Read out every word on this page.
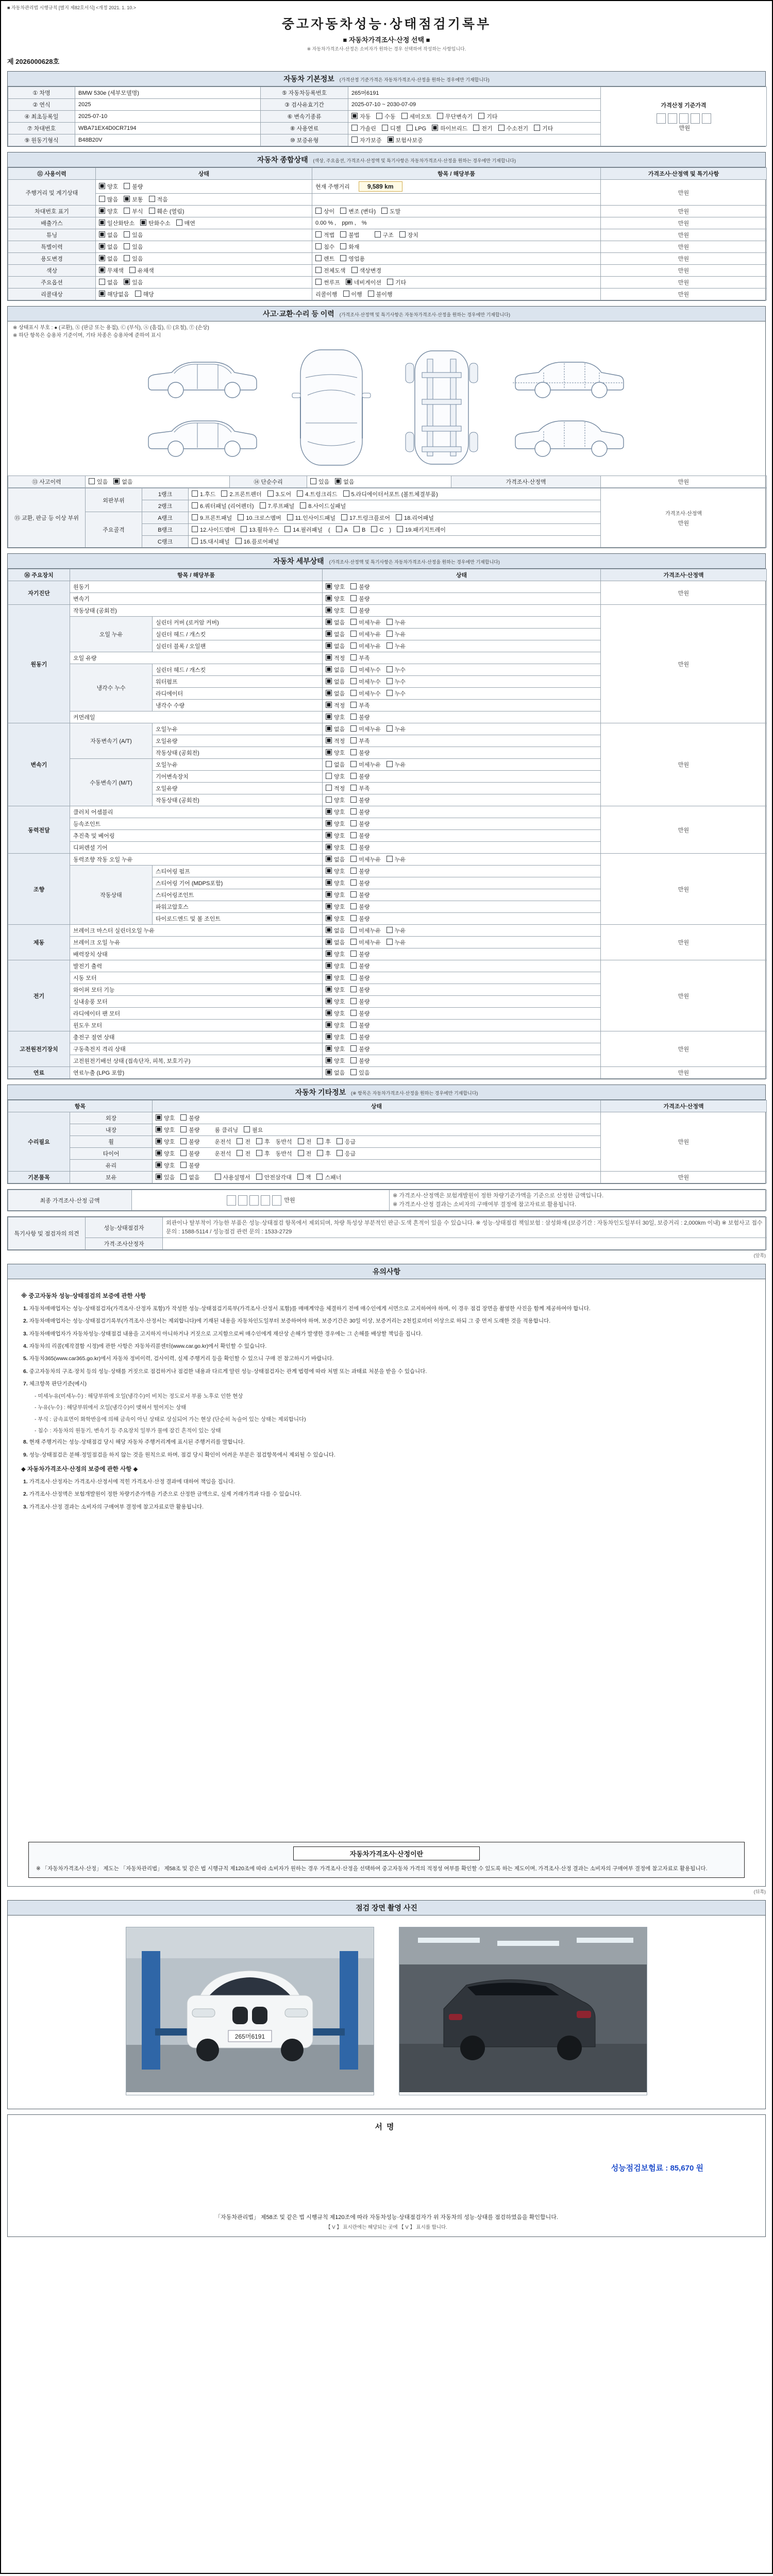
■ 자동차관리법 시행규칙 [별지 제82호서식] <개정 2021. 1. 10.>
중고자동차성능·상태점검기록부
■ 자동차가격조사·산정 선택 ■
※ 자동차가격조사·산정은 소비자가 원하는 경우 선택하여 작성하는 사항입니다.
제 2026000628호
자동차 기본정보 (가격산정 기준가격은 자동차가격조사·산정을 원하는 경우에만 기재합니다)
① 차명	BMW 530e (세부모델명)	⑤ 자동차등록번호	265머6191	가격산정 기준가격
만원

② 연식	2025	③ 검사유효기간	2025-07-10 ~ 2030-07-09	
④ 최초등록일	2025-07-10	⑥ 변속기종류	자동 수동 세미오토 무단변속기 기타	
⑦ 차대번호	WBA71EX4D0CR7194	⑧ 사용연료	가솔린 디젤 LPG 하이브리드 전기 수소전기 기타	
⑨ 원동기형식	B48B20V	⑩ 보증유형	자가보증 보험사보증	
자동차 종합상태 (색상, 주요옵션, 가격조사·산정액 및 특기사항은 자동차가격조사·산정을 원하는 경우에만 기재합니다)
⑪ 사용이력	상태	항목 / 해당부품	가격조사·산정액 및 특기사항
주행거리 및 계기상태	양호 불량	현재 주행거리 9,589 km	만원
	많음 보통 적음		
차대번호 표기	양호 부식 훼손 (열림)	상이 변조 (변타) 도말	만원
배출가스	일산화탄소 탄화수소 매연	0.00 % , ppm , %	만원
튜닝	없음 있음	적법 불법 구조 장치	만원
특별이력	없음 있음	침수 화재	만원
용도변경	없음 있음	렌트 영업용	만원
색상	무채색 유채색	전체도색 색상변경	만원
주요옵션	없음 있음	썬루프 네비게이션 기타	만원
리콜대상	해당없음 해당	리콜이행 이행 불이행	만원
사고·교환·수리 등 이력 (가격조사·산정액 및 특기사항은 자동차가격조사·산정을 원하는 경우에만 기재합니다)
※ 상태표시 부호 : ● (교환), Ⓧ (판금 또는 용접), Ⓒ (부식), Ⓐ (흠집), Ⓤ (요철), Ⓣ (손상)
※ 하단 항목은 승용차 기준이며, 기타 차종은 승용차에 준하여 표시
⑬ 사고이력	있음 없음	⑭ 단순수리	있음 없음	가격조사·산정액	만원
⑮ 교환, 판금 등 이상 부위	외판부위	1랭크	1.후드 2.프론트펜더 3.도어 4.트렁크리드 5.라디에이터서포트 (볼트체결부품)	가격조사·산정액
만원

		2랭크	6.쿼터패널 (리어펜더) 7.루프패널 8.사이드실패널	
	주요골격	A랭크	9.프론트패널 10.크로스멤버 11.인사이드패널 17.트렁크플로어 18.리어패널	
		B랭크	12.사이드멤버 13.휠하우스 14.필러패널 ( A B C ) 19.패키지트레이	
		C랭크	15.대시패널 16.플로어패널	
자동차 세부상태 (가격조사·산정액 및 특기사항은 자동차가격조사·산정을 원하는 경우에만 기재합니다)
⑯ 주요장치	항목 / 해당부품		상태	가격조사·산정액
자기진단	원동기		양호 불량	만원
	변속기		양호 불량	
원동기	작동상태 (공회전)		양호 불량	만원
	오일 누유	실린더 커버 (로커암 커버)	없음 미세누유 누유	
		실린더 헤드 / 개스킷	없음 미세누유 누유	
		실린더 블록 / 오일팬	없음 미세누유 누유	
	오일 유량		적정 부족	
	냉각수 누수	실린더 헤드 / 개스킷	없음 미세누수 누수	
		워터펌프	없음 미세누수 누수	
		라디에이터	없음 미세누수 누수	
		냉각수 수량	적정 부족	
	커먼레일		양호 불량	
변속기	자동변속기 (A/T)	오일누유	없음 미세누유 누유	만원
		오일유량	적정 부족	
		작동상태 (공회전)	양호 불량	
	수동변속기 (M/T)	오일누유	없음 미세누유 누유	
		기어변속장치	양호 불량	
		오일유량	적정 부족	
		작동상태 (공회전)	양호 불량	
동력전달	클러치 어셈블리		양호 불량	만원
	등속조인트		양호 불량	
	추진축 및 베어링		양호 불량	
	디퍼렌셜 기어		양호 불량	
조향	동력조향 작동 오일 누유		없음 미세누유 누유	만원
	작동상태	스티어링 펌프	양호 불량	
		스티어링 기어 (MDPS포함)	양호 불량	
		스티어링조인트	양호 불량	
		파워고압호스	양호 불량	
		타이로드엔드 및 볼 조인트	양호 불량	
제동	브레이크 마스터 실린더오일 누유		없음 미세누유 누유	만원
	브레이크 오일 누유		없음 미세누유 누유	
	배력장치 상태		양호 불량	
전기	발전기 출력		양호 불량	만원
	시동 모터		양호 불량	
	와이퍼 모터 기능		양호 불량	
	실내송풍 모터		양호 불량	
	라디에이터 팬 모터		양호 불량	
	윈도우 모터		양호 불량	
고전원전기장치	충전구 절연 상태		양호 불량	만원
	구동축전지 격리 상태		양호 불량	
	고전원전기배선 상태 (접속단자, 피복, 보호기구)		양호 불량	
연료	연료누출 (LPG 포함)		없음 있음	만원
자동차 기타정보 (※ 항목은 자동차가격조사·산정을 원하는 경우에만 기재합니다)
항목		상태	가격조사·산정액
수리필요	외장	양호 불량	만원
	내장	양호 불량 룸 클리닝 필요	
	휠	양호 불량 운전석 전 후 동반석 전 후 응급	
	타이어	양호 불량 운전석 전 후 동반석 전 후 응급	
	유리	양호 불량	
기본품목	보유	있음 없음 사용설명서 안전삼각대 잭 스패너	만원
최종 가격조사·산정 금액	만원	
※ 가격조사·산정액은 보험개발원이 정한 차량기준가액을 기준으로 산정한 금액입니다.
※ 가격조사·산정 결과는 소비자의 구매여부 결정에 참고자료로 활용됩니다.
특기사항 및 점검자의 의견	성능·상태점검자	외관이나 탈부착이 가능한 부품은 성능·상태점검 항목에서 제외되며, 차량 특성상 부분적인 판금·도색 흔적이 있을 수 있습니다. ※ 성능·상태점검 책임보험 : 삼성화재 (보증기간 : 자동차인도일부터 30일, 보증거리 : 2,000km 이내) ※ 보험사고 접수 문의 : 1588-5114 / 성능점검 관련 문의 : 1533-2729
	가격·조사산정자	
(앞쪽)
유의사항
※ 중고자동차 성능·상태점검의 보증에 관한 사항
1. 자동차매매업자는 성능·상태점검자(가격조사·산정자 포함)가 작성한 성능·상태점검기록부(가격조사·산정서 포함)를 매매계약을 체결하기 전에 매수인에게 서면으로 고지하여야 하며, 이 경우 점검 장면을 촬영한 사진을 함께 제공하여야 합니다.
2. 자동차매매업자는 성능·상태점검기록부(가격조사·산정서는 제외합니다)에 기재된 내용을 자동차인도일부터 보증하여야 하며, 보증기간은 30일 이상, 보증거리는 2천킬로미터 이상으로 하되 그 중 먼저 도래한 것을 적용합니다.
3. 자동차매매업자가 자동차성능·상태점검 내용을 고지하지 아니하거나 거짓으로 고지함으로써 매수인에게 재산상 손해가 발생한 경우에는 그 손해를 배상할 책임을 집니다.
4. 자동차의 리콜(제작결함 시정)에 관한 사항은 자동차리콜센터(www.car.go.kr)에서 확인할 수 있습니다.
5. 자동차365(www.car365.go.kr)에서 자동차 정비이력, 검사이력, 실제 주행거리 등을 확인할 수 있으니 구매 전 참고하시기 바랍니다.
6. 중고자동차의 구조·장치 등의 성능·상태를 거짓으로 점검하거나 점검한 내용과 다르게 알린 성능·상태점검자는 관계 법령에 따라 처벌 또는 과태료 처분을 받을 수 있습니다.
7. 체크항목 판단기준(예시)
- 미세누유(미세누수) : 해당부위에 오일(냉각수)이 비치는 정도로서 부품 노후로 인한 현상
- 누유(누수) : 해당부위에서 오일(냉각수)이 맺혀서 떨어지는 상태
- 부식 : 금속표면이 화학반응에 의해 금속이 아닌 상태로 상실되어 가는 현상 (단순히 녹슬어 있는 상태는 제외합니다)
- 침수 : 자동차의 원동기, 변속기 등 주요장치 일부가 물에 잠긴 흔적이 있는 상태
8. 현재 주행거리는 성능·상태점검 당시 해당 자동차 주행거리계에 표시된 주행거리를 말합니다.
9. 성능·상태점검은 분해·정밀점검을 하지 않는 것을 원칙으로 하며, 점검 당시 확인이 어려운 부분은 점검항목에서 제외될 수 있습니다.
◆ 자동차가격조사·산정의 보증에 관한 사항 ◆
1. 가격조사·산정자는 가격조사·산정서에 적힌 가격조사·산정 결과에 대하여 책임을 집니다.
2. 가격조사·산정액은 보험개발원이 정한 차량기준가액을 기준으로 산정한 금액으로, 실제 거래가격과 다를 수 있습니다.
3. 가격조사·산정 결과는 소비자의 구매여부 결정에 참고자료로만 활용됩니다.
자동차가격조사·산정이란
※ 「자동차가격조사·산정」 제도는 「자동차관리법」 제58조 및 같은 법 시행규칙 제120조에 따라 소비자가 원하는 경우 가격조사·산정을 선택하여 중고자동차 가격의 적정성 여부를 확인할 수 있도록 하는 제도이며, 가격조사·산정 결과는 소비자의 구매여부 결정에 참고자료로 활용됩니다.
(뒤쪽)
점검 장면 촬영 사진
265머6191
서명
성능점검보험료 : 85,670 원
「자동차관리법」 제58조 및 같은 법 시행규칙 제120조에 따라 자동차성능·상태점검자가 위 자동차의 성능·상태를 점검하였음을 확인합니다.
【 V 】 표시란에는 해당되는 곳에 【 V 】 표시를 합니다.
